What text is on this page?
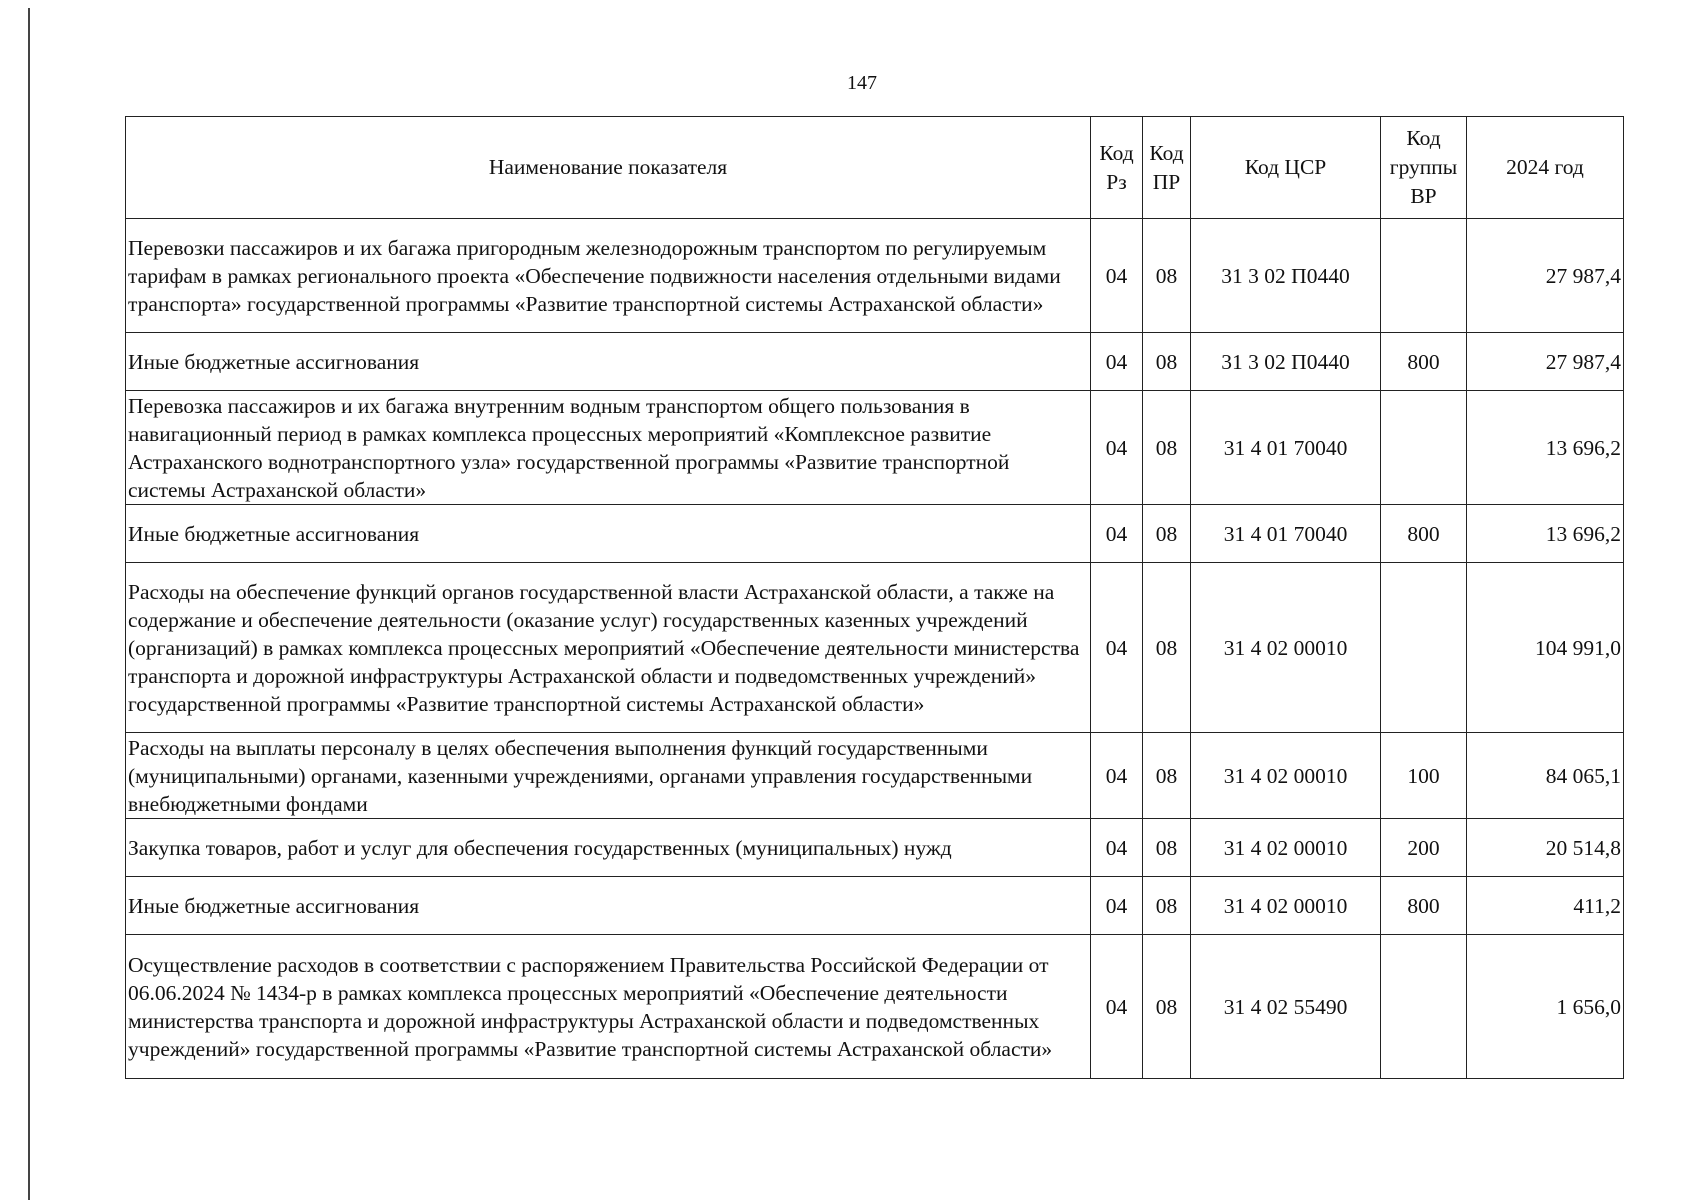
147
Наименование показателя	Код Рз	Код ПР	Код ЦСР	Код группы ВР	2024 год
Перевозки пассажиров и их багажа пригородным железнодорожным транспортом по регулируемым тарифам в рамках регионального проекта «Обеспечение подвижности населения отдельными видами транспорта» государственной программы «Развитие транспортной системы Астраханской области»	04	08	31 3 02 П0440		27 987,4
Иные бюджетные ассигнования	04	08	31 3 02 П0440	800	27 987,4
Перевозка пассажиров и их багажа внутренним водным транспортом общего пользования в навигационный период в рамках комплекса процессных мероприятий «Комплексное развитие Астраханского воднотранспортного узла» государственной программы «Развитие транспортной системы Астраханской области»	04	08	31 4 01 70040		13 696,2
Иные бюджетные ассигнования	04	08	31 4 01 70040	800	13 696,2
Расходы на обеспечение функций органов государственной власти Астраханской области, а также на содержание и обеспечение деятельности (оказание услуг) государственных казенных учреждений (организаций) в рамках комплекса процессных мероприятий «Обеспечение деятельности министерства транспорта и дорожной инфраструктуры Астраханской области и подведомственных учреждений» государственной программы «Развитие транспортной системы Астраханской области»	04	08	31 4 02 00010		104 991,0
Расходы на выплаты персоналу в целях обеспечения выполнения функций государственными (муниципальными) органами, казенными учреждениями, органами управления государственными внебюджетными фондами	04	08	31 4 02 00010	100	84 065,1
Закупка товаров, работ и услуг для обеспечения государственных (муниципальных) нужд	04	08	31 4 02 00010	200	20 514,8
Иные бюджетные ассигнования	04	08	31 4 02 00010	800	411,2
Осуществление расходов в соответствии с распоряжением Правительства Российской Федерации от 06.06.2024 № 1434-р в рамках комплекса процессных мероприятий «Обеспечение деятельности министерства транспорта и дорожной инфраструктуры Астраханской области и подведомственных учреждений» государственной программы «Развитие транспортной системы Астраханской области»	04	08	31 4 02 55490		1 656,0
